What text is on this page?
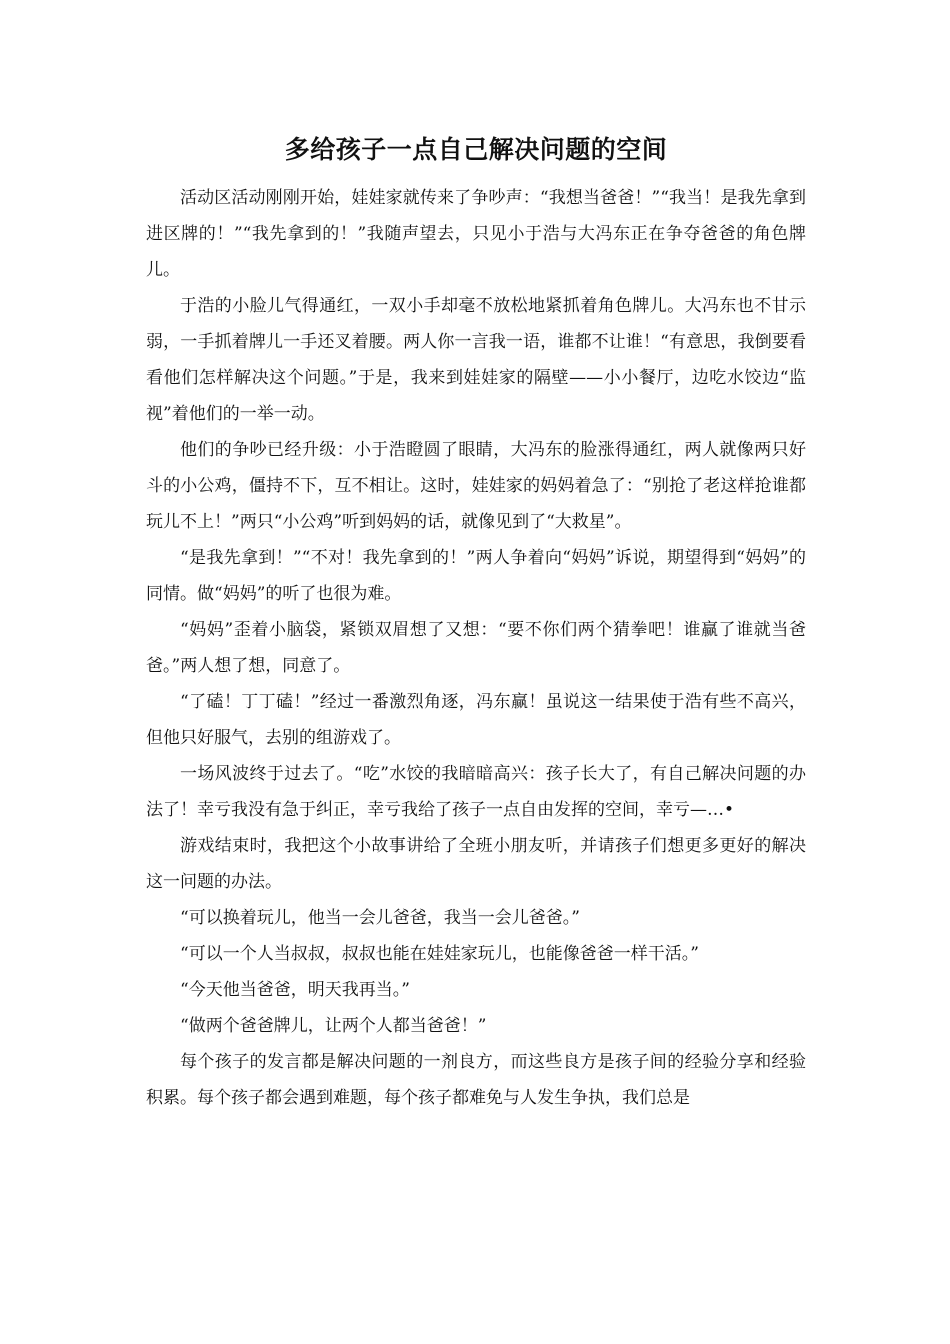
多给孩子一点自己解决问题的空间

活动区活动刚刚开始，娃娃家就传来了争吵声：“我想当爸爸！”“我当！是我先拿到进区牌的！”“我先拿到的！”我随声望去，只见小于浩与大冯东正在争夺爸爸的角色牌儿。

于浩的小脸儿气得通红，一双小手却毫不放松地紧抓着角色牌儿。大冯东也不甘示弱，一手抓着牌儿一手还叉着腰。两人你一言我一语，谁都不让谁！“有意思，我倒要看看他们怎样解决这个问题。”于是，我来到娃娃家的隔壁——小小餐厅，边吃水饺边“监视”着他们的一举一动。

他们的争吵已经升级：小于浩瞪圆了眼睛，大冯东的脸涨得通红，两人就像两只好斗的小公鸡，僵持不下，互不相让。这时，娃娃家的妈妈着急了：“别抢了老这样抢谁都玩儿不上！”两只“小公鸡”听到妈妈的话，就像见到了“大救星”。

“是我先拿到！”“不对！我先拿到的！”两人争着向“妈妈”诉说，期望得到“妈妈”的同情。做“妈妈”的听了也很为难。

“妈妈”歪着小脑袋，紧锁双眉想了又想：“要不你们两个猜拳吧！谁赢了谁就当爸爸。”两人想了想，同意了。

“了磕！丁丁磕！”经过一番激烈角逐，冯东赢！虽说这一结果使于浩有些不高兴，但他只好服气，去别的组游戏了。

一场风波终于过去了。“吃”水饺的我暗暗高兴：孩子长大了，有自己解决问题的办法了！幸亏我没有急于纠正，幸亏我给了孩子一点自由发挥的空间，幸亏—…•

游戏结束时，我把这个小故事讲给了全班小朋友听，并请孩子们想更多更好的解决这一问题的办法。

“可以换着玩儿，他当一会儿爸爸，我当一会儿爸爸。”

“可以一个人当叔叔，叔叔也能在娃娃家玩儿，也能像爸爸一样干活。”

“今天他当爸爸，明天我再当。”

“做两个爸爸牌儿，让两个人都当爸爸！”

每个孩子的发言都是解决问题的一剂良方，而这些良方是孩子间的经验分享和经验积累。每个孩子都会遇到难题，每个孩子都难免与人发生争执，我们总是
